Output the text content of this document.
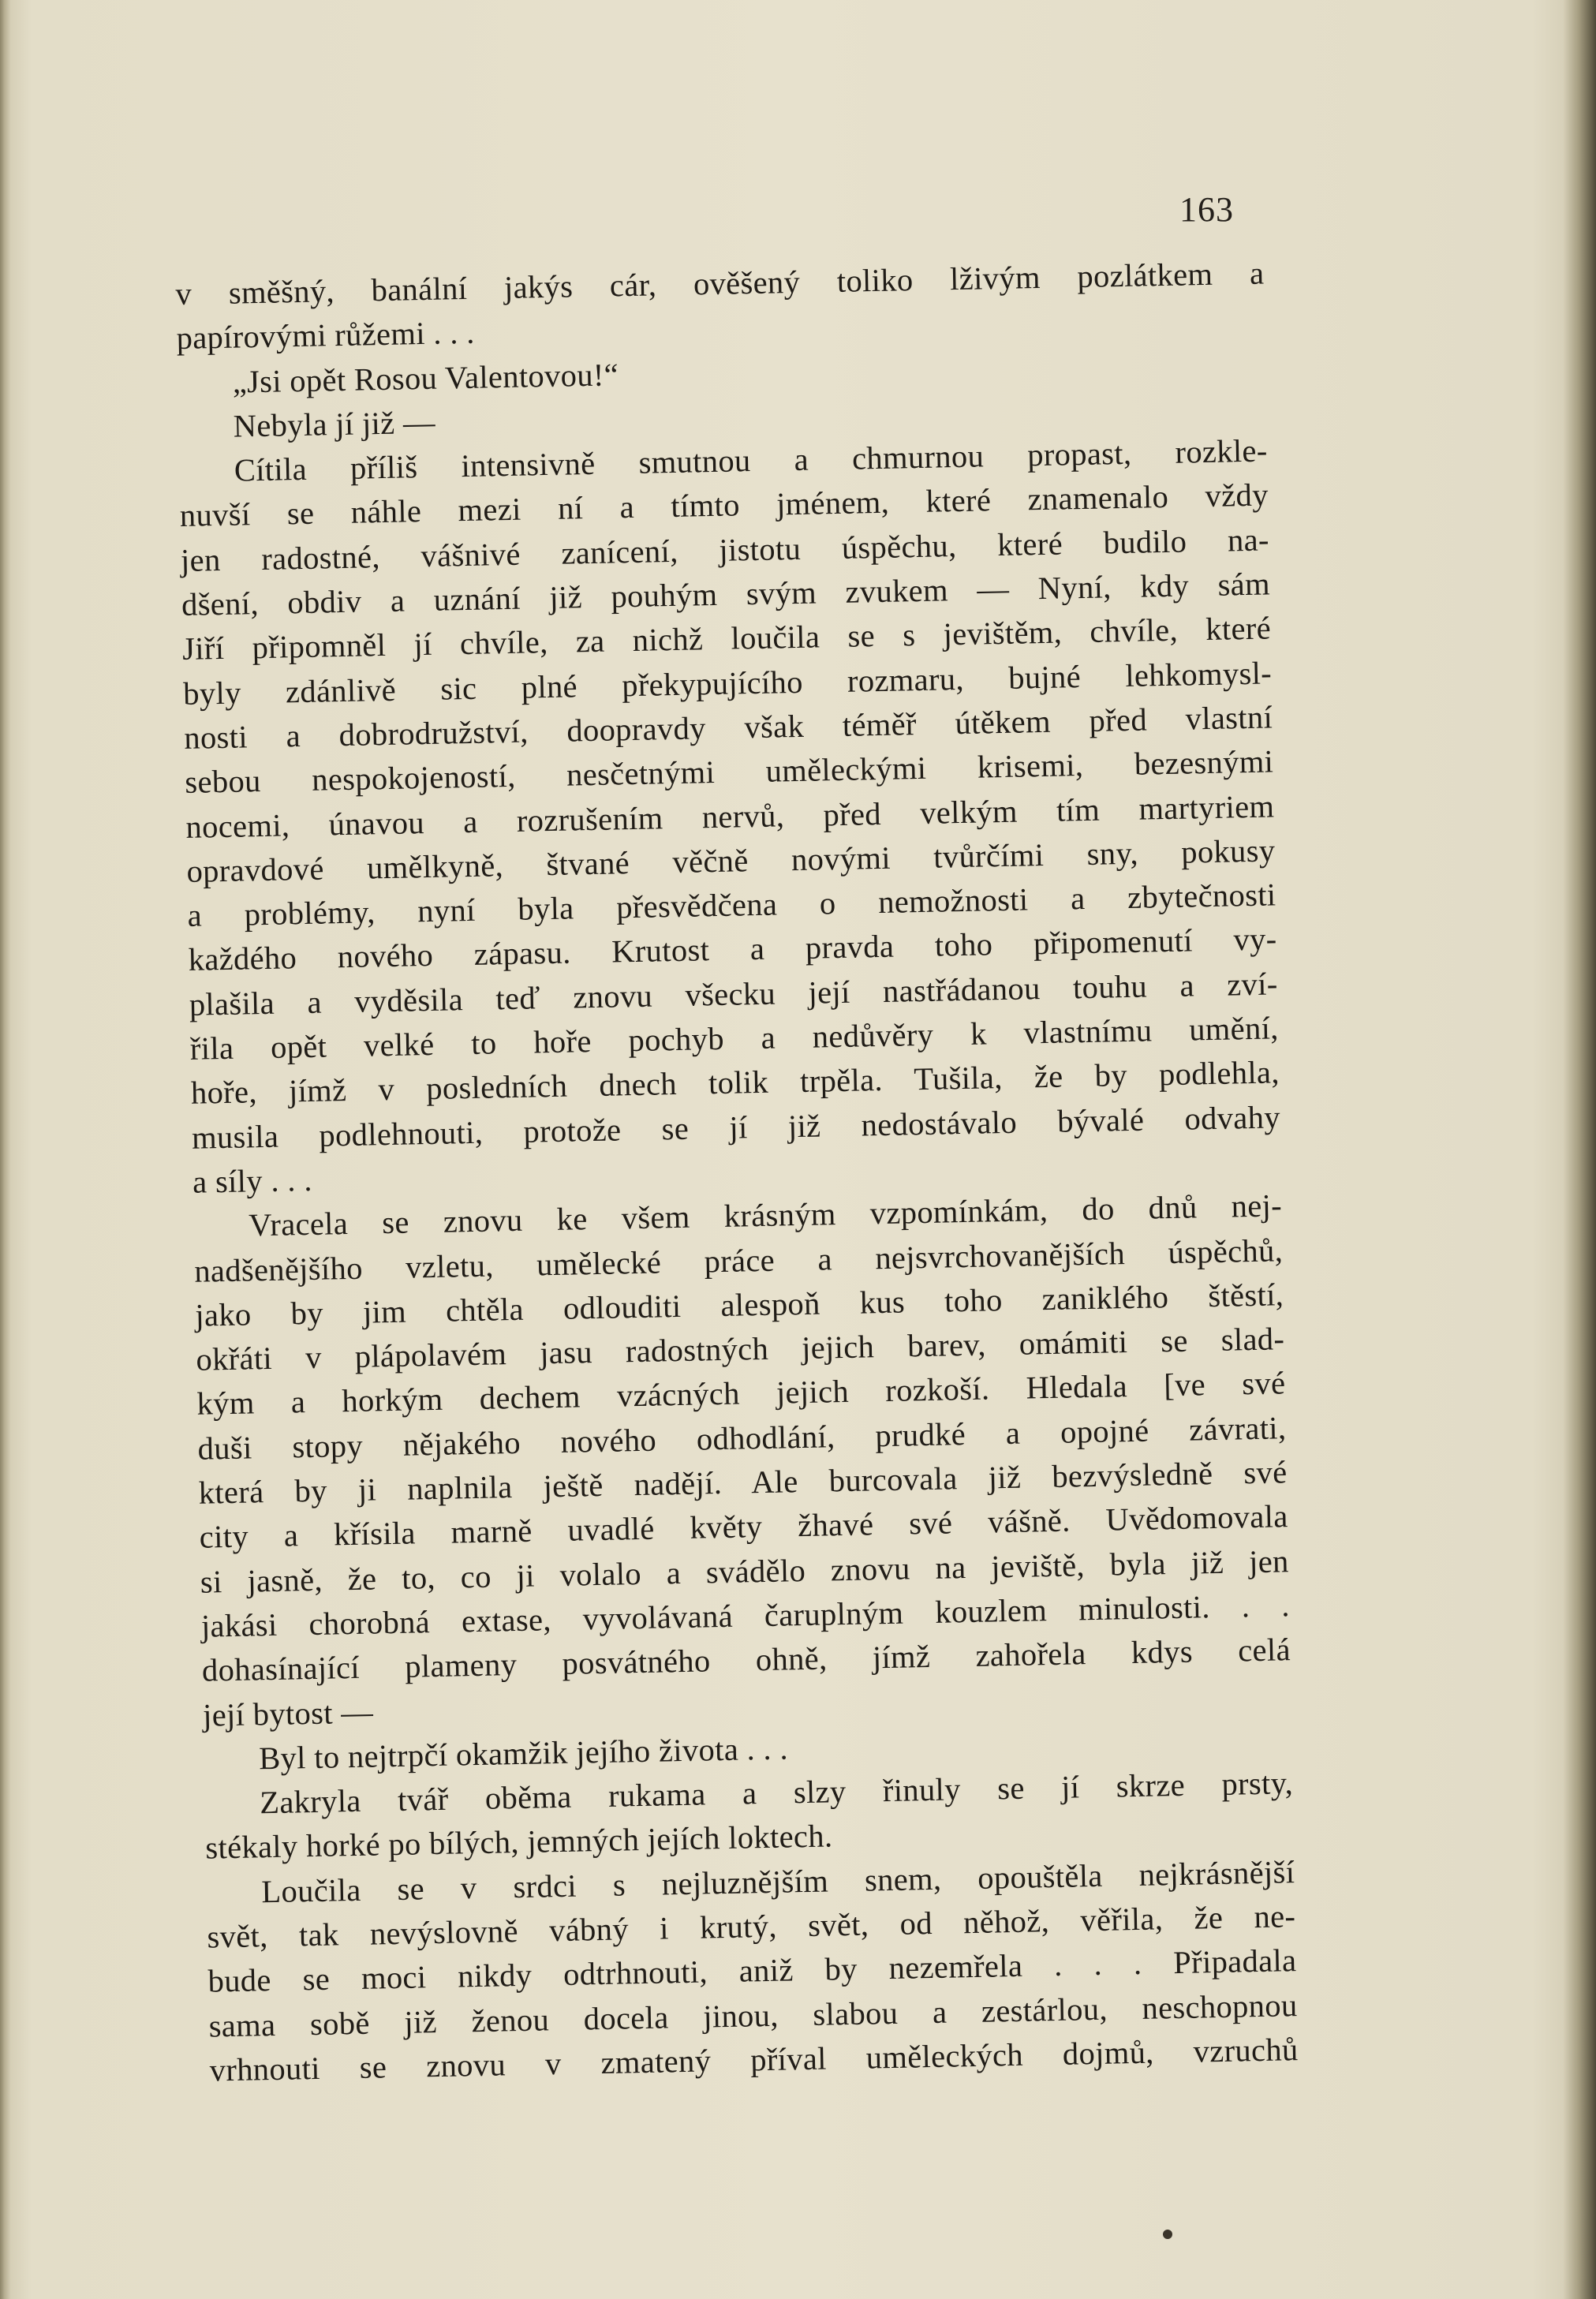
163
v směšný, banální jakýs cár, ověšený toliko lživým pozlátkem a
papírovými růžemi . . .
„Jsi opět Rosou Valentovou!“
Nebyla jí již —
Cítila příliš intensivně smutnou a chmurnou propast, rozkle-
nuvší se náhle mezi ní a tímto jménem, které znamenalo vždy
jen radostné, vášnivé zanícení, jistotu úspěchu, které budilo na-
dšení, obdiv a uznání již pouhým svým zvukem — Nyní, kdy sám
Jiří připomněl jí chvíle, za nichž loučila se s jevištěm, chvíle, které
byly zdánlivě sic plné překypujícího rozmaru, bujné lehkomysl-
nosti a dobrodružství, doopravdy však téměř útěkem před vlastní
sebou nespokojeností, nesčetnými uměleckými krisemi, bezesnými
nocemi, únavou a rozrušením nervů, před velkým tím martyriem
opravdové umělkyně, štvané věčně novými tvůrčími sny, pokusy
a problémy, nyní byla přesvědčena o nemožnosti a zbytečnosti
každého nového zápasu. Krutost a pravda toho připomenutí vy-
plašila a vyděsila teď znovu všecku její nastřádanou touhu a zví-
řila opět velké to hoře pochyb a nedůvěry k vlastnímu umění,
hoře, jímž v posledních dnech tolik trpěla. Tušila, že by podlehla,
musila podlehnouti, protože se jí již nedostávalo bývalé odvahy
a síly . . .
Vracela se znovu ke všem krásným vzpomínkám, do dnů nej-
nadšenějšího vzletu, umělecké práce a nejsvrchovanějších úspěchů,
jako by jim chtěla odlouditi alespoň kus toho zaniklého štěstí,
okřáti v plápolavém jasu radostných jejich barev, omámiti se slad-
kým a horkým dechem vzácných jejich rozkoší. Hledala [ve své
duši stopy nějakého nového odhodlání, prudké a opojné závrati,
která by ji naplnila ještě nadějí. Ale burcovala již bezvýsledně své
city a křísila marně uvadlé květy žhavé své vášně. Uvědomovala
si jasně, že to, co ji volalo a svádělo znovu na jeviště, byla již jen
jakási chorobná extase, vyvolávaná čaruplným kouzlem minulosti. . .
dohasínající plameny posvátného ohně, jímž zahořela kdys celá
její bytost —
Byl to nejtrpčí okamžik jejího života . . .
Zakryla tvář oběma rukama a slzy řinuly se jí skrze prsty,
stékaly horké po bílých, jemných jejích loktech.
Loučila se v srdci s nejluznějším snem, opouštěla nejkrásnější
svět, tak nevýslovně vábný i krutý, svět, od něhož, věřila, že ne-
bude se moci nikdy odtrhnouti, aniž by nezemřela . . . Připadala
sama sobě již ženou docela jinou, slabou a zestárlou, neschopnou
vrhnouti se znovu v zmatený příval uměleckých dojmů, vzruchů
